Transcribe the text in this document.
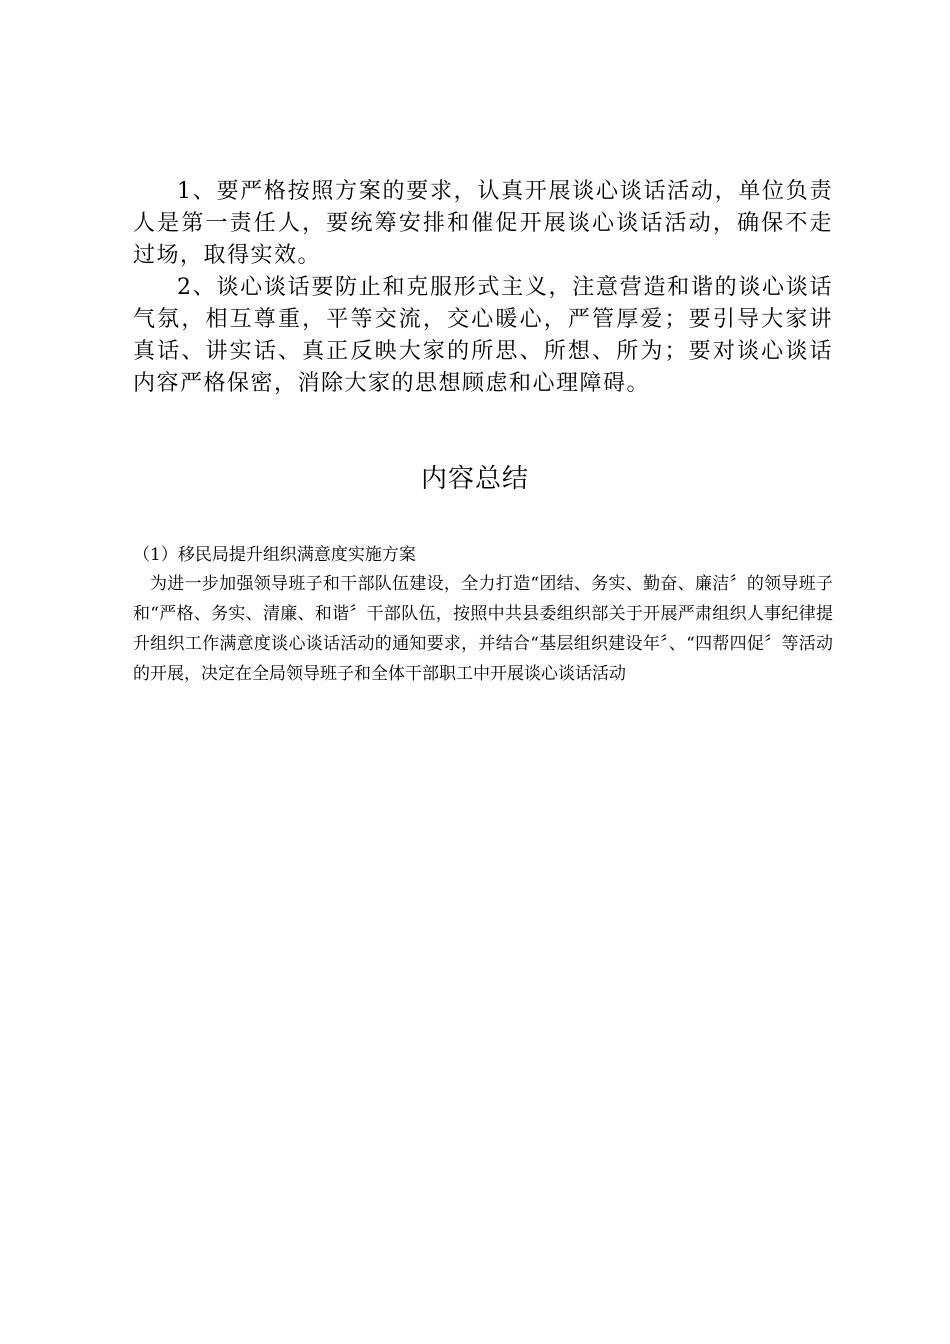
1、要严格按照方案的要求，认真开展谈心谈话活动，单位负责人是第一责任人，要统筹安排和催促开展谈心谈话活动，确保不走过场，取得实效。

2、谈心谈话要防止和克服形式主义，注意营造和谐的谈心谈话气氛，相互尊重，平等交流，交心暖心，严管厚爱；要引导大家讲真话、讲实话、真正反映大家的所思、所想、所为；要对谈心谈话内容严格保密，消除大家的思想顾虑和心理障碍。

内容总结
（1）移民局提升组织满意度实施方案

为进一步加强领导班子和干部队伍建设，全力打造“团结、务实、勤奋、廉洁〞的领导班子和“严格、务实、清廉、和谐〞干部队伍，按照中共县委组织部关于开展严肃组织人事纪律提升组织工作满意度谈心谈话活动的通知要求，并结合“基层组织建设年〞、“四帮四促〞等活动的开展，决定在全局领导班子和全体干部职工中开展谈心谈话活动
